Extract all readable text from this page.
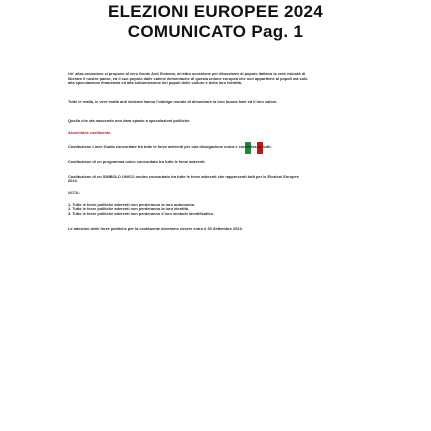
ELEZIONI EUROPEE 2024
COMUNICATO Pag. 1

Un' altra occasione si propone al vero fronte Anti Sistema, un'altra occasione per dimostrare al popolo italiano la vera volontà di liberare il nostro paese, ed il suo popolo dalle catene demoniache di questa unione europea che non appartiene ai popoli ma solo alla speculazione finanziaria ed alla sottomissione dei popoli delle culture e della loro identità.

Tutte le realtà, le vere realtà anti sistema hanno l'obbligo morale di dimostrare la loro buona fede ed il loro valore.

Quello che sta nascendo non darà spazio a speculazioni politiche.

Assemblea costituente.

Costituzione Linee Guida concordate tra tutte le forze aderenti per una divulgazione unica e condivisa da tutti.

Costituzione di un programma unico concordato tra tutte le forze aderenti.

Costituzione di un SIMBOLO UNICO neutro concordato tra tutte le forze aderenti che rappresenti tutti per le Elezioni Europee 2024.

NOTA:

1. Tutte le forze politiche aderenti non perderanno la loro autonomia.
2. Tutte le forze politiche aderenti non perderanno la loro identità.
3. Tutte le forze politiche aderenti non perderanno il loro simbolo identificativo.

Le adesioni delle forze politiche per la costituente dovranno essere entro il 30 Settembre 2023.
